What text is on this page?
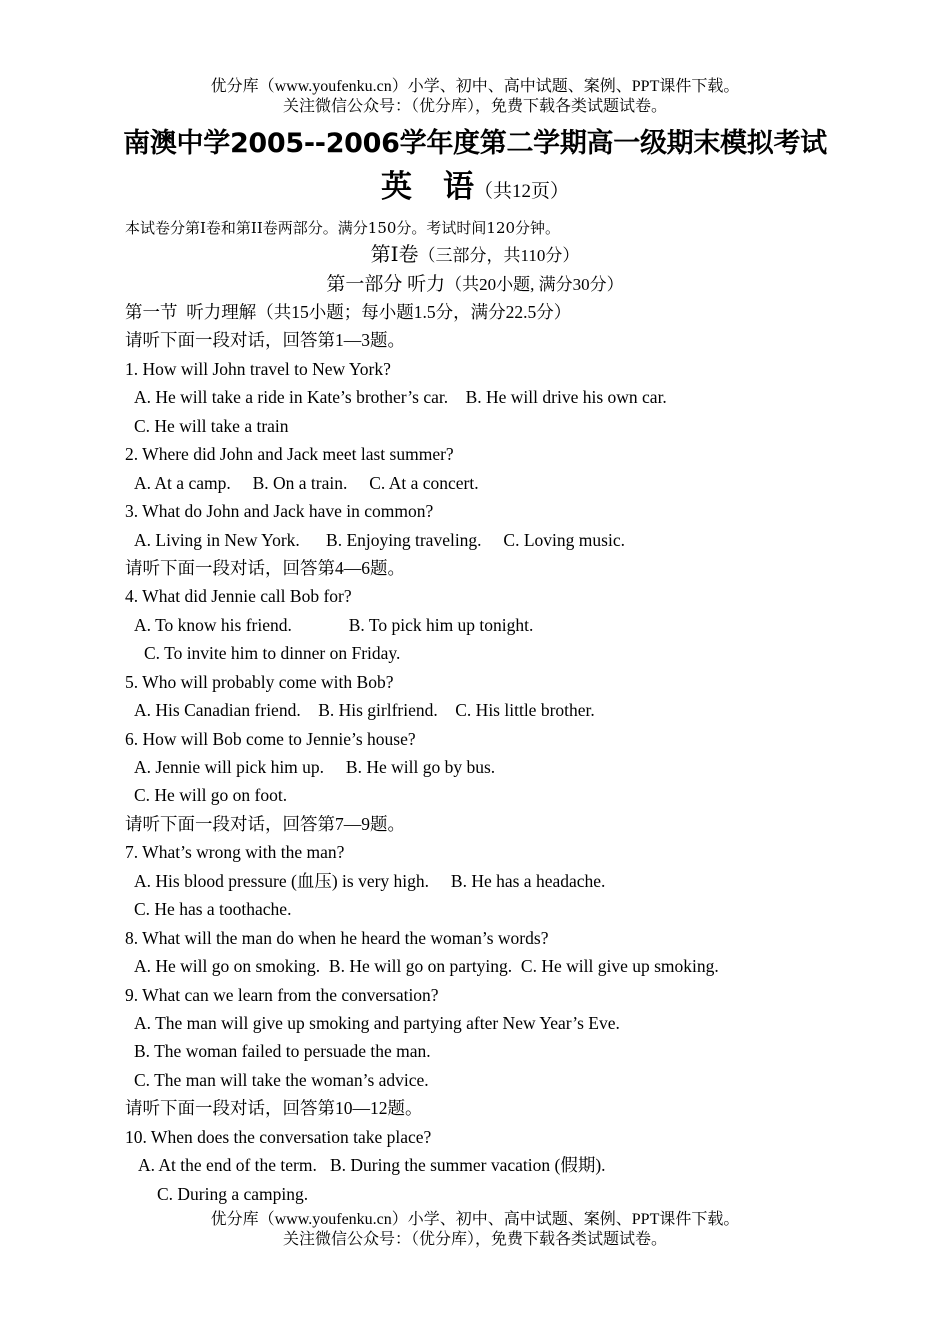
优分库（www.youfenku.cn）小学、初中、高中试题、案例、PPT课件下载。
关注微信公众号：（优分库），免费下载各类试题试卷。
南澳中学2005--2006学年度第二学期高一级期末模拟考试
英　语（共12页）
本试卷分第Ⅰ卷和第II卷两部分。满分150分。考试时间120分钟。
第Ⅰ卷（三部分，共110分）
第一部分 听力（共20小题, 满分30分）
第一节  听力理解（共15小题；每小题1.5分，满分22.5分）
请听下面一段对话，回答第1—3题。
1. How will John travel to New York?
A. He will take a ride in Kate’s brother’s car.    B. He will drive his own car.
C. He will take a train
2. Where did John and Jack meet last summer?
A. At a camp.     B. On a train.     C. At a concert.
3. What do John and Jack have in common?
A. Living in New York.      B. Enjoying traveling.     C. Loving music.
请听下面一段对话，回答第4—6题。
4. What did Jennie call Bob for?
A. To know his friend.             B. To pick him up tonight.
C. To invite him to dinner on Friday.
5. Who will probably come with Bob?
A. His Canadian friend.    B. His girlfriend.    C. His little brother.
6. How will Bob come to Jennie’s house?
A. Jennie will pick him up.     B. He will go by bus.
C. He will go on foot.
请听下面一段对话，回答第7—9题。
7. What’s wrong with the man?
A. His blood pressure (血压) is very high.     B. He has a headache.
C. He has a toothache.
8. What will the man do when he heard the woman’s words?
A. He will go on smoking.  B. He will go on partying.  C. He will give up smoking.
9. What can we learn from the conversation?
A. The man will give up smoking and partying after New Year’s Eve.
B. The woman failed to persuade the man.
C. The man will take the woman’s advice.
请听下面一段对话，回答第10—12题。
10. When does the conversation take place?
A. At the end of the term.   B. During the summer vacation (假期).
C. During a camping.
优分库（www.youfenku.cn）小学、初中、高中试题、案例、PPT课件下载。
关注微信公众号：（优分库），免费下载各类试题试卷。
